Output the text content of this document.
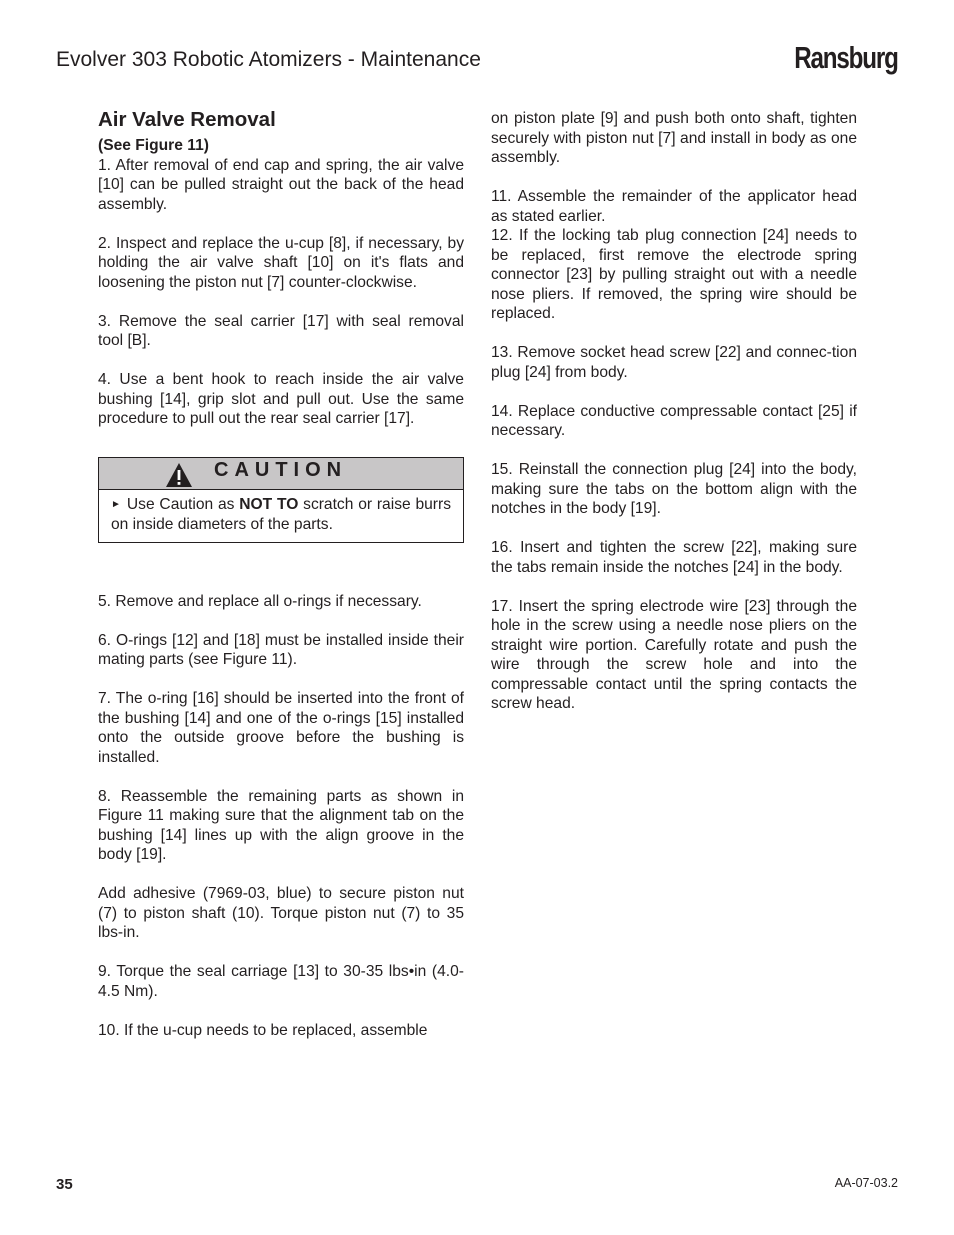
Evolver 303 Robotic Atomizers - Maintenance	Ransburg
Air Valve Removal
(See Figure 11)

1. After removal of end cap and spring, the air valve [10] can be pulled straight out the back of the head assembly.

2. Inspect and replace the u-cup [8], if necessary, by holding the air valve shaft [10] on it's flats and loosening the piston nut [7] counter-clockwise.

3. Remove the seal carrier [17] with seal removal tool [B].

4. Use a bent hook to reach inside the air valve bushing [14], grip slot and pull out. Use the same procedure to pull out the rear seal carrier [17].

CAUTION
► Use Caution as NOT TO scratch or raise burrs on inside diameters of the parts.

5. Remove and replace all o-rings if necessary.

6. O-rings [12] and [18] must be installed inside their mating parts (see Figure 11).

7. The o-ring [16] should be inserted into the front of the bushing [14] and one of the o-rings [15] installed onto the outside groove before the bushing is installed.

8. Reassemble the remaining parts as shown in Figure 11 making sure that the alignment tab on the bushing [14] lines up with the align groove in the body [19].

Add adhesive (7969-03, blue) to secure piston nut (7) to piston shaft (10). Torque piston nut (7) to 35 lbs-in.

9. Torque the seal carriage [13] to 30-35 lbs•in (4.0-4.5 Nm).

10. If the u-cup needs to be replaced, assemble

on piston plate [9] and push both onto shaft, tighten securely with piston nut [7] and install in body as one assembly.

11. Assemble the remainder of the applicator head as stated earlier.

12. If the locking tab plug connection [24] needs to be replaced, first remove the electrode spring connector [23] by pulling straight out with a needle nose pliers. If removed, the spring wire should be replaced.

13. Remove socket head screw [22] and connec-tion plug [24] from body.

14. Replace conductive compressable contact [25] if necessary.

15. Reinstall the connection plug [24] into the body, making sure the tabs on the bottom align with the notches in the body [19].

16. Insert and tighten the screw [22], making sure the tabs remain inside the notches [24] in the body.

17. Insert the spring electrode wire [23] through the hole in the screw using a needle nose pliers on the straight wire portion. Carefully rotate and push the wire through the screw hole and into the compressable contact until the spring contacts the screw head.

35	AA-07-03.2
